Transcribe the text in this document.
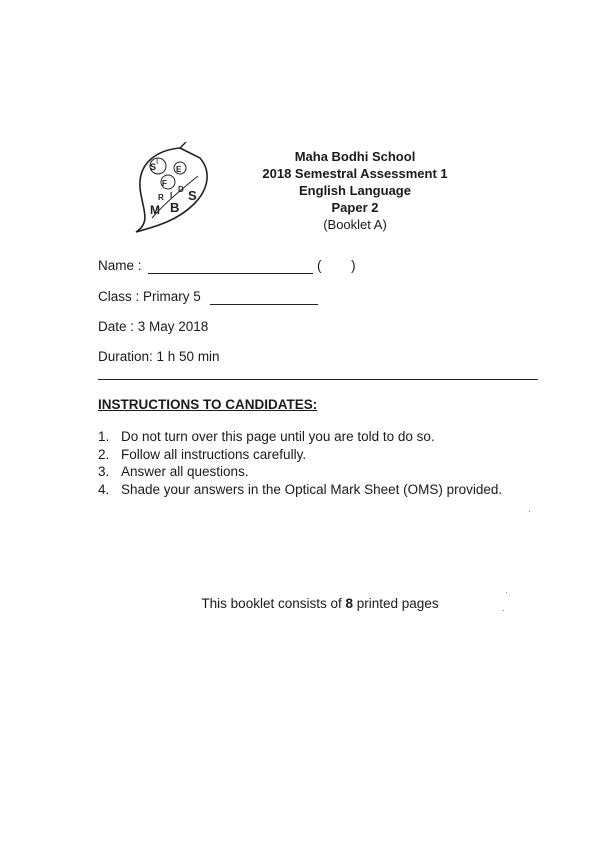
S
I
F
E
R I
D
M B
S
Maha Bodhi School
2018 Semestral Assessment 1
English Language
Paper 2
(Booklet A)
Name :	( )
Class : Primary 5
Date : 3 May 2018
Duration: 1 h 50 min
INSTRUCTIONS TO CANDIDATES:
1. Do not turn over this page until you are told to do so.
2. Follow all instructions carefully.
3. Answer all questions.
4. Shade your answers in the Optical Mark Sheet (OMS) provided.
This booklet consists of 8 printed pages
